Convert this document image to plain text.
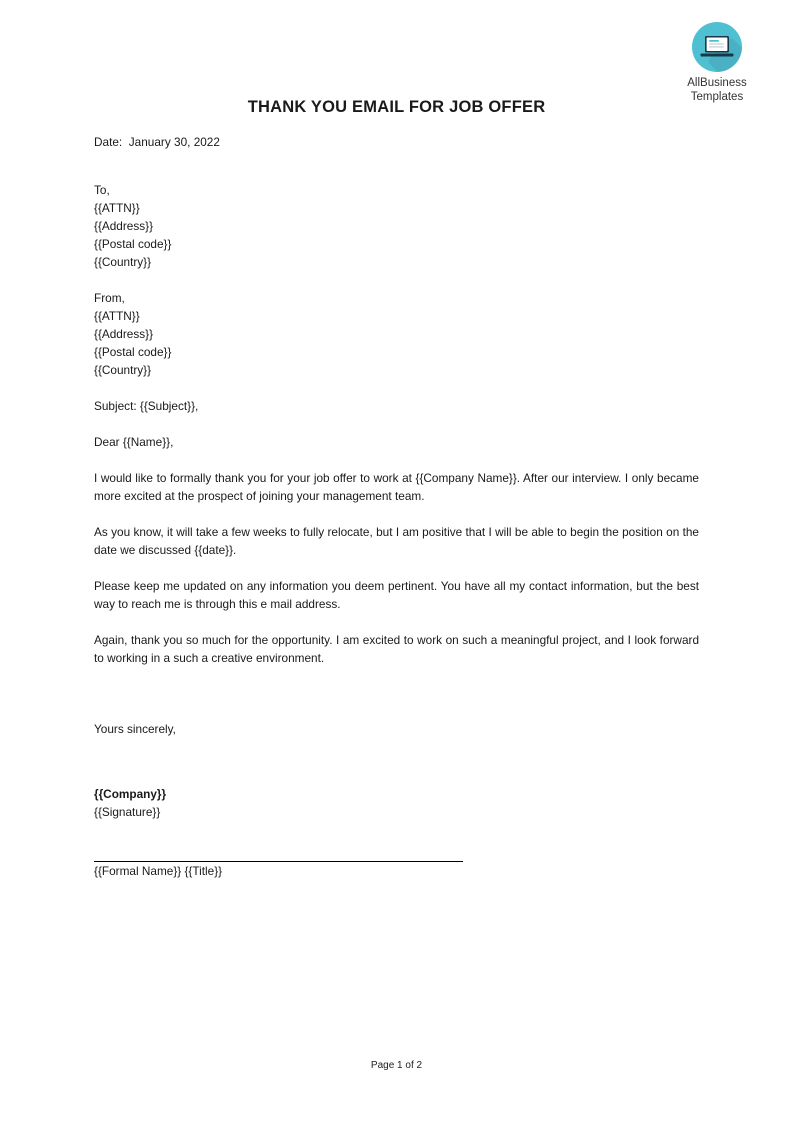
AllBusiness
Templates
THANK YOU EMAIL FOR JOB OFFER
Date: January 30, 2022
To,
{{ATTN}}
{{Address}}
{{Postal code}}
{{Country}}
From,
{{ATTN}}
{{Address}}
{{Postal code}}
{{Country}}
Subject: {{Subject}},
Dear {{Name}},
I would like to formally thank you for your job offer to work at {{Company Name}}. After our interview. I only became more excited at the prospect of joining your management team.
As you know, it will take a few weeks to fully relocate, but I am positive that I will be able to begin the position on the date we discussed {{date}}.
Please keep me updated on any information you deem pertinent. You have all my contact information, but the best way to reach me is through this e mail address.
Again, thank you so much for the opportunity. I am excited to work on such a meaningful project, and I look forward to working in a such a creative environment.
Yours sincerely,
{{Company}}
{{Signature}}
{{Formal Name}} {{Title}}
Page 1 of 2
